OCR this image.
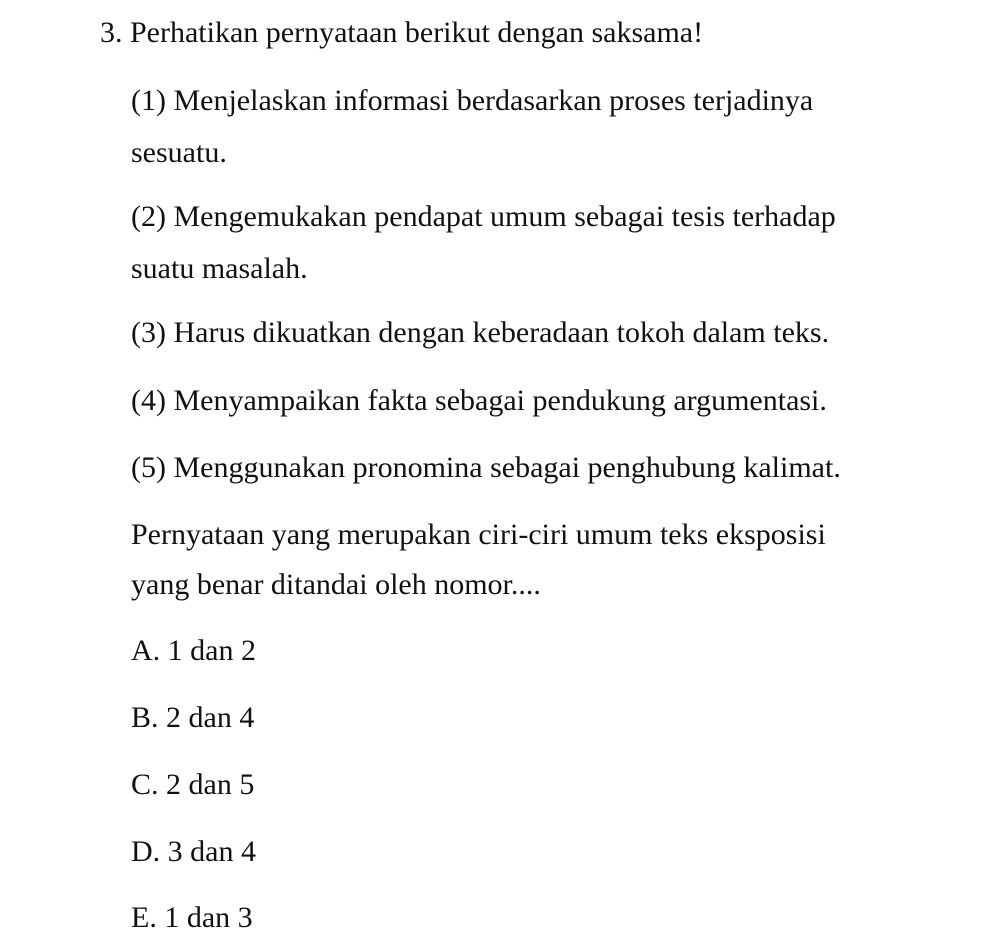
3. Perhatikan pernyataan berikut dengan saksama!
(1) Menjelaskan informasi berdasarkan proses terjadinya
sesuatu.
(2) Mengemukakan pendapat umum sebagai tesis terhadap
suatu masalah.
(3) Harus dikuatkan dengan keberadaan tokoh dalam teks.
(4) Menyampaikan fakta sebagai pendukung argumentasi.
(5) Menggunakan pronomina sebagai penghubung kalimat.
Pernyataan yang merupakan ciri-ciri umum teks eksposisi
yang benar ditandai oleh nomor....
A. 1 dan 2
B. 2 dan 4
C. 2 dan 5
D. 3 dan 4
E. 1 dan 3
